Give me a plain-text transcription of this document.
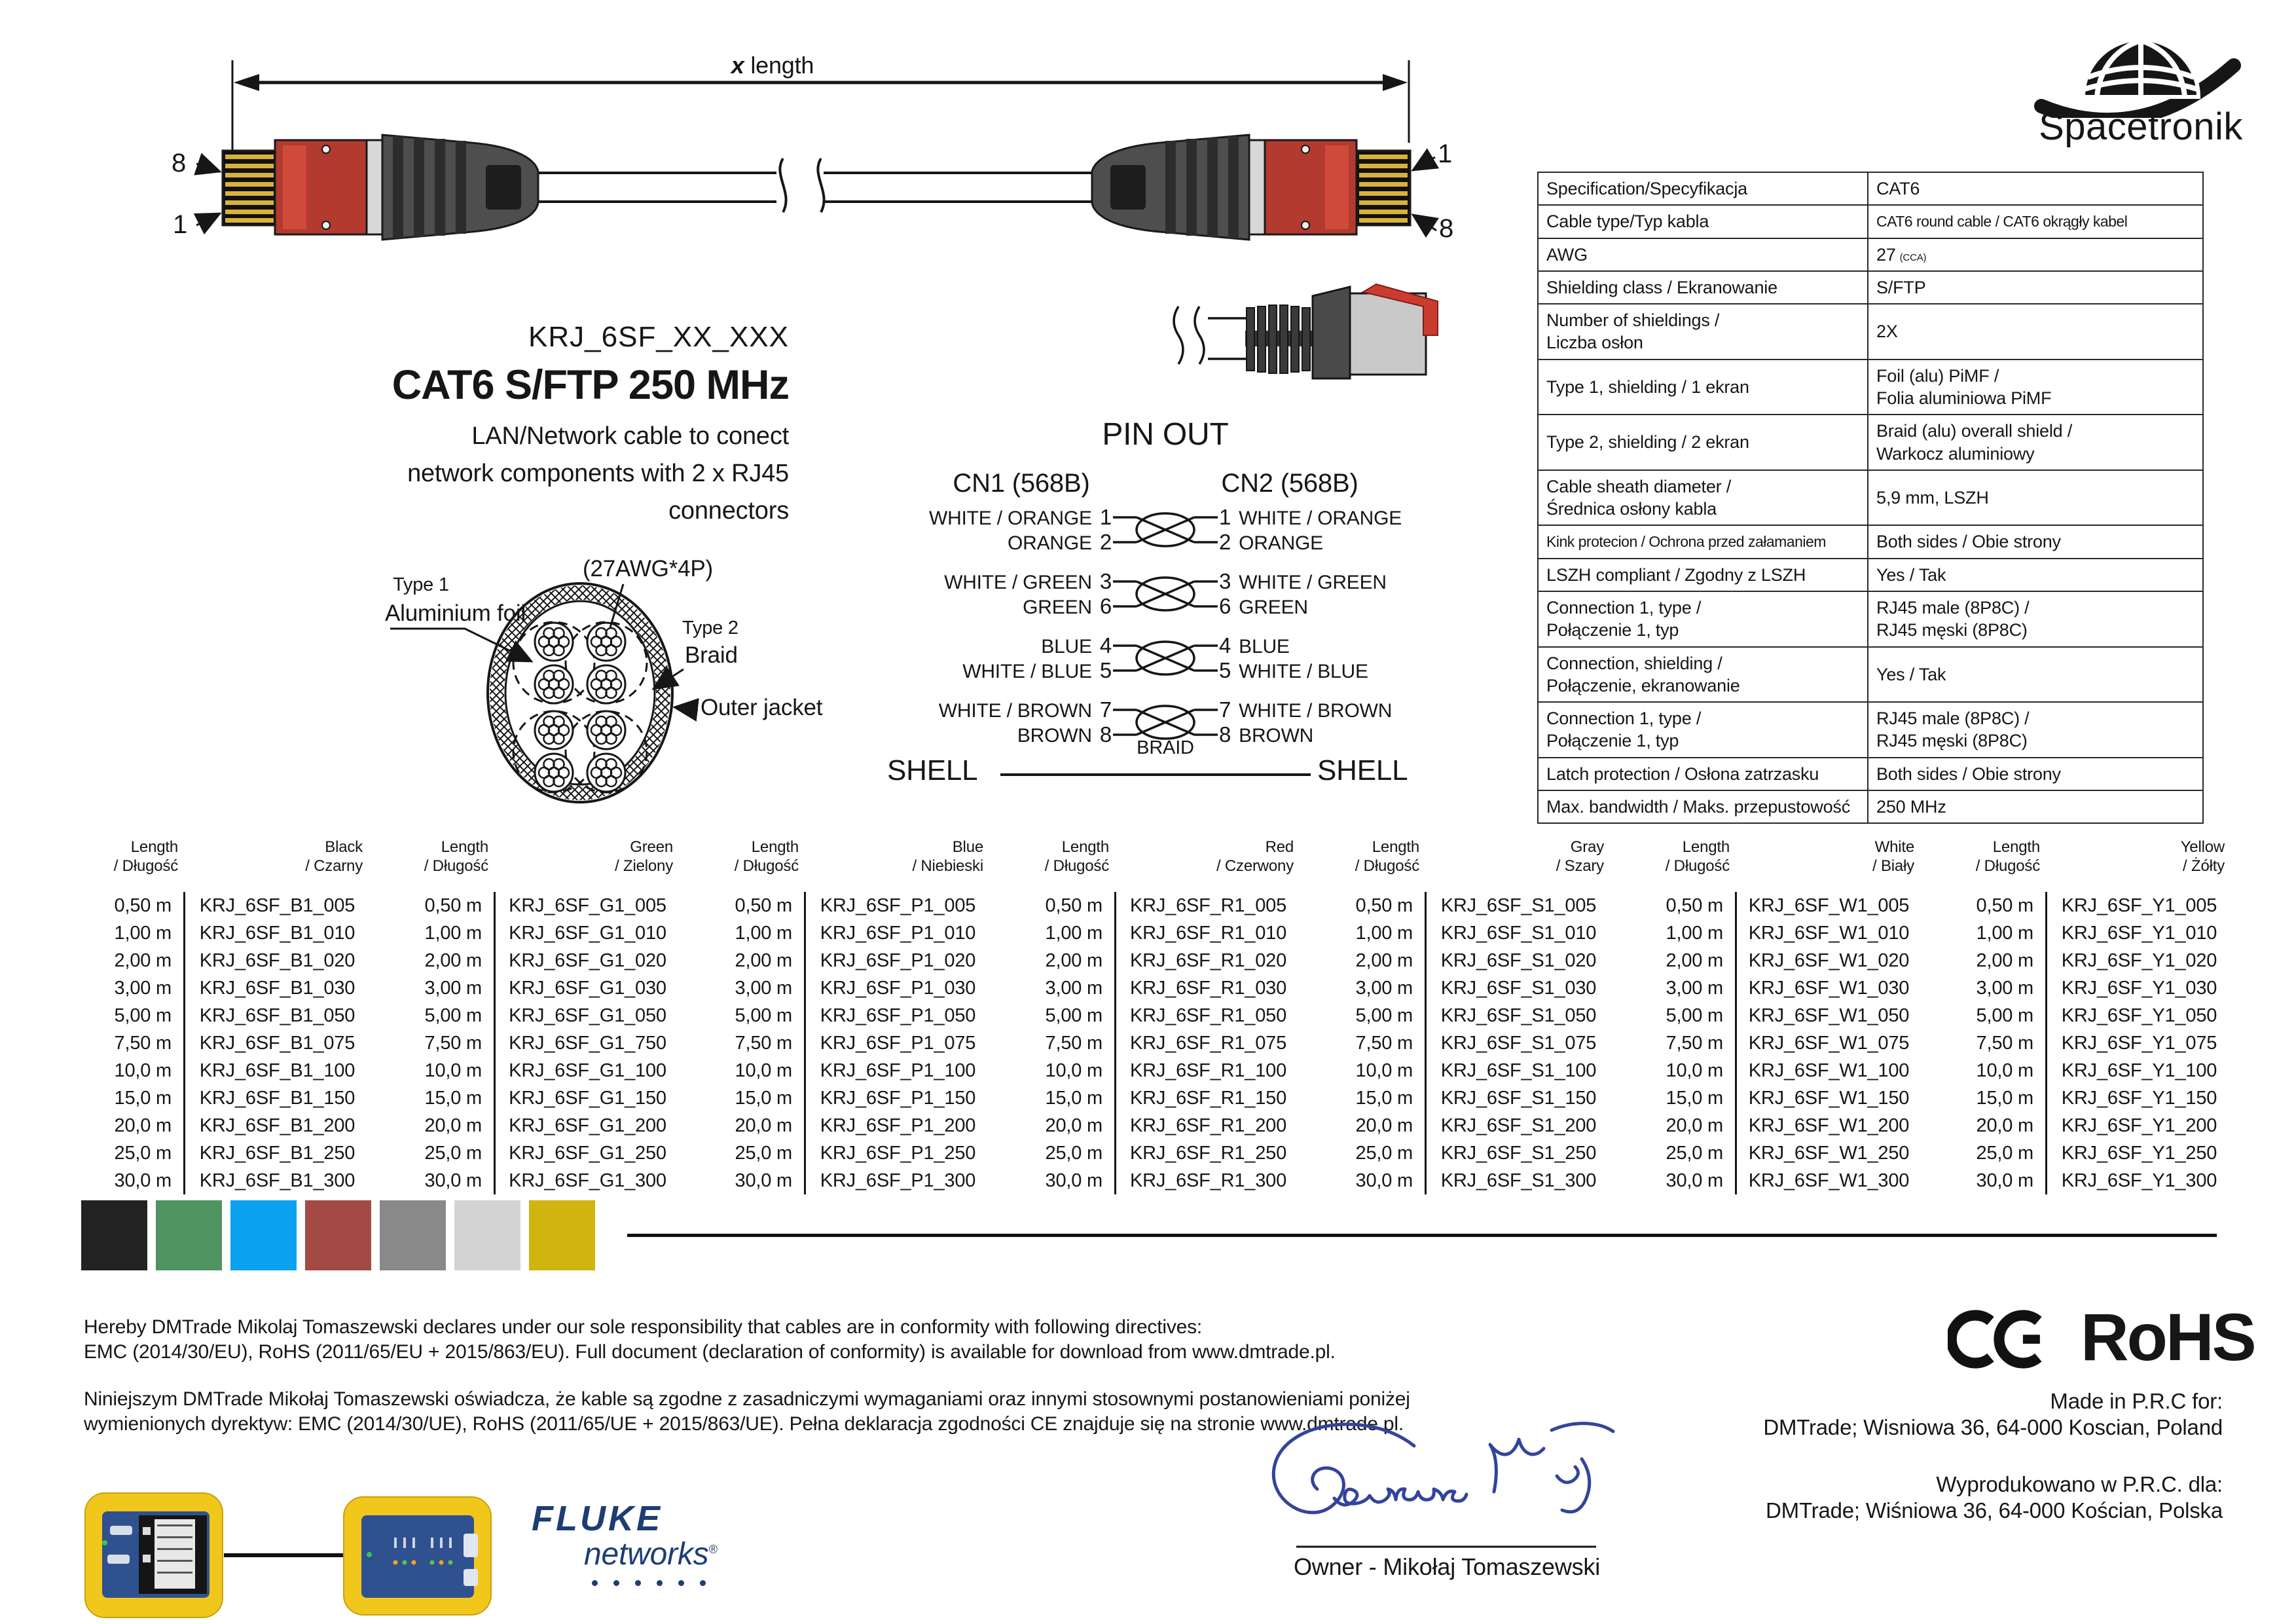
x length
8
1
1
8
Spacetronik
KRJ_6SF_XX_XXX
CAT6 S/FTP 250 MHz
LAN/Network cable to conect
network components with 2 x RJ45
connectors
Type 1
Aluminium foil
(27AWG*4P)
Type 2
Braid
Outer jacket
PIN OUT
CN1 (568B)	CN2 (568B)
WHITE / ORANGE 1
ORANGE 2
1 WHITE / ORANGE
2 ORANGE
WHITE / GREEN 3
GREEN 6
3 WHITE / GREEN
6 GREEN
BLUE 4
WHITE / BLUE 5
4 BLUE
5 WHITE / BLUE
WHITE / BROWN 7
BROWN 8
7 WHITE / BROWN
8 BROWN
SHELL
BRAID
SHELL
Specification/Specyfikacja	CAT6
Cable type/Typ kabla	CAT6 round cable / CAT6 okrągły kabel
AWG	27 (CCA)
Shielding class / Ekranowanie	S/FTP
Number of shieldings /
Liczba osłon	2X
Type 1, shielding / 1 ekran	Foil (alu) PiMF /
Folia aluminiowa PiMF
Type 2, shielding / 2 ekran	Braid (alu) overall shield /
Warkocz aluminiowy
Cable sheath diameter /
Średnica osłony kabla	5,9 mm, LSZH
Kink protecion / Ochrona przed załamaniem	Both sides / Obie strony
LSZH compliant / Zgodny z LSZH	Yes / Tak
Connection 1, type /
Połączenie 1, typ	RJ45 male (8P8C) /
RJ45 męski (8P8C)
Connection, shielding /
Połączenie, ekranowanie	Yes / Tak
Connection 1, type /
Połączenie 1, typ	RJ45 male (8P8C) /
RJ45 męski (8P8C)
Latch protection / Osłona zatrzasku	Both sides / Obie strony
Max. bandwidth / Maks. przepustowość	250 MHz
Length
/ Długość
Black
/ Czarny
0,50 m	KRJ_6SF_B1_005
1,00 m	KRJ_6SF_B1_010
2,00 m	KRJ_6SF_B1_020
3,00 m	KRJ_6SF_B1_030
5,00 m	KRJ_6SF_B1_050
7,50 m	KRJ_6SF_B1_075
10,0 m	KRJ_6SF_B1_100
15,0 m	KRJ_6SF_B1_150
20,0 m	KRJ_6SF_B1_200
25,0 m	KRJ_6SF_B1_250
30,0 m	KRJ_6SF_B1_300
Length
/ Długość
Green
/ Zielony
0,50 m	KRJ_6SF_G1_005
1,00 m	KRJ_6SF_G1_010
2,00 m	KRJ_6SF_G1_020
3,00 m	KRJ_6SF_G1_030
5,00 m	KRJ_6SF_G1_050
7,50 m	KRJ_6SF_G1_750
10,0 m	KRJ_6SF_G1_100
15,0 m	KRJ_6SF_G1_150
20,0 m	KRJ_6SF_G1_200
25,0 m	KRJ_6SF_G1_250
30,0 m	KRJ_6SF_G1_300
Length
/ Długość
Blue
/ Niebieski
0,50 m	KRJ_6SF_P1_005
1,00 m	KRJ_6SF_P1_010
2,00 m	KRJ_6SF_P1_020
3,00 m	KRJ_6SF_P1_030
5,00 m	KRJ_6SF_P1_050
7,50 m	KRJ_6SF_P1_075
10,0 m	KRJ_6SF_P1_100
15,0 m	KRJ_6SF_P1_150
20,0 m	KRJ_6SF_P1_200
25,0 m	KRJ_6SF_P1_250
30,0 m	KRJ_6SF_P1_300
Length
/ Długość
Red
/ Czerwony
0,50 m	KRJ_6SF_R1_005
1,00 m	KRJ_6SF_R1_010
2,00 m	KRJ_6SF_R1_020
3,00 m	KRJ_6SF_R1_030
5,00 m	KRJ_6SF_R1_050
7,50 m	KRJ_6SF_R1_075
10,0 m	KRJ_6SF_R1_100
15,0 m	KRJ_6SF_R1_150
20,0 m	KRJ_6SF_R1_200
25,0 m	KRJ_6SF_R1_250
30,0 m	KRJ_6SF_R1_300
Length
/ Długość
Gray
/ Szary
0,50 m	KRJ_6SF_S1_005
1,00 m	KRJ_6SF_S1_010
2,00 m	KRJ_6SF_S1_020
3,00 m	KRJ_6SF_S1_030
5,00 m	KRJ_6SF_S1_050
7,50 m	KRJ_6SF_S1_075
10,0 m	KRJ_6SF_S1_100
15,0 m	KRJ_6SF_S1_150
20,0 m	KRJ_6SF_S1_200
25,0 m	KRJ_6SF_S1_250
30,0 m	KRJ_6SF_S1_300
Length
/ Długość
White
/ Biały
0,50 m	KRJ_6SF_W1_005
1,00 m	KRJ_6SF_W1_010
2,00 m	KRJ_6SF_W1_020
3,00 m	KRJ_6SF_W1_030
5,00 m	KRJ_6SF_W1_050
7,50 m	KRJ_6SF_W1_075
10,0 m	KRJ_6SF_W1_100
15,0 m	KRJ_6SF_W1_150
20,0 m	KRJ_6SF_W1_200
25,0 m	KRJ_6SF_W1_250
30,0 m	KRJ_6SF_W1_300
Length
/ Długość
Yellow
/ Żółty
0,50 m	KRJ_6SF_Y1_005
1,00 m	KRJ_6SF_Y1_010
2,00 m	KRJ_6SF_Y1_020
3,00 m	KRJ_6SF_Y1_030
5,00 m	KRJ_6SF_Y1_050
7,50 m	KRJ_6SF_Y1_075
10,0 m	KRJ_6SF_Y1_100
15,0 m	KRJ_6SF_Y1_150
20,0 m	KRJ_6SF_Y1_200
25,0 m	KRJ_6SF_Y1_250
30,0 m	KRJ_6SF_Y1_300
Hereby DMTrade Mikolaj Tomaszewski declares under our sole responsibility that cables are in conformity with following directives:
EMC (2014/30/EU), RoHS (2011/65/EU + 2015/863/EU). Full document (declaration of conformity) is available for download from www.dmtrade.pl.
Niniejszym DMTrade Mikołaj Tomaszewski oświadcza, że kable są zgodne z zasadniczymi wymaganiami oraz innymi stosownymi postanowieniami poniżej
wymienionych dyrektyw: EMC (2014/30/UE), RoHS (2011/65/UE + 2015/863/UE). Pełna deklaracja zgodności CE znajduje się na stronie www.dmtrade.pl.
FLUKE
networks®
Owner - Mikołaj Tomaszewski
RoHS
Made in P.R.C for:
DMTrade; Wisniowa 36, 64-000 Koscian, Poland
Wyprodukowano w P.R.C. dla:
DMTrade; Wiśniowa 36, 64-000 Kościan, Polska
